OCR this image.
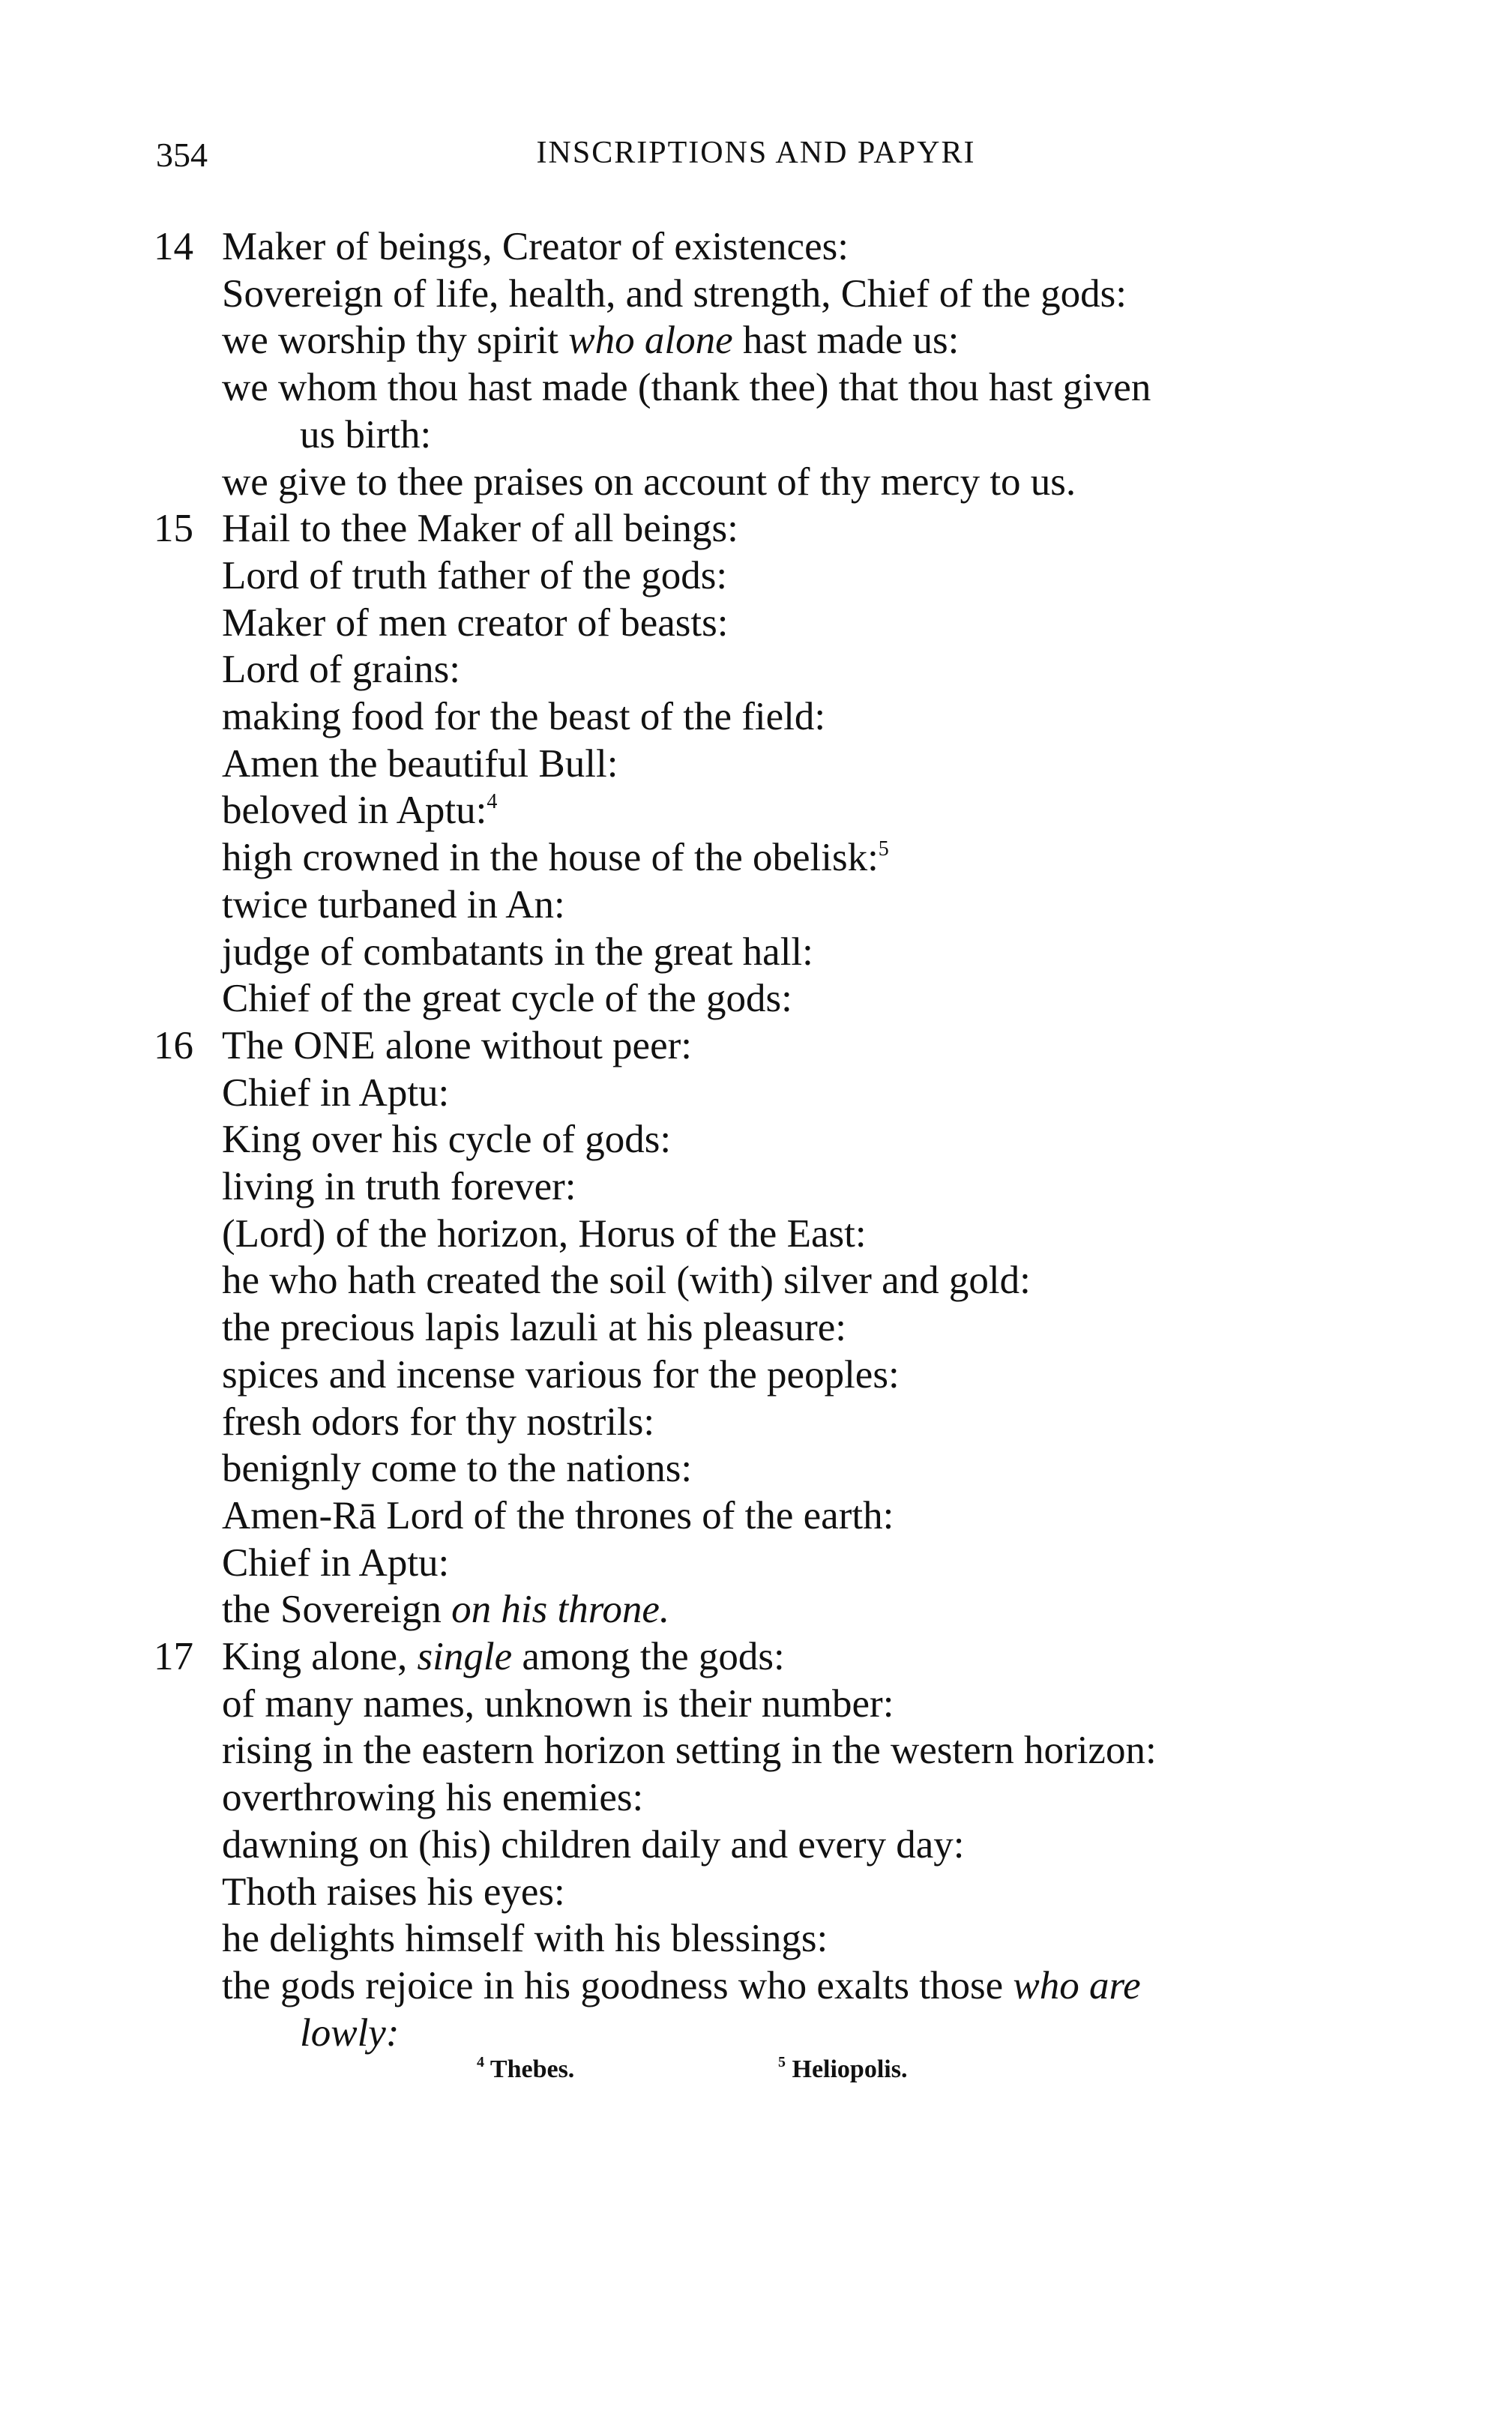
354	INSCRIPTIONS AND PAPYRI
14 Maker of beings, Creator of existences:
Sovereign of life, health, and strength, Chief of the gods:
we worship thy spirit who alone hast made us:
we whom thou hast made (thank thee) that thou hast given
us birth:
we give to thee praises on account of thy mercy to us.
15 Hail to thee Maker of all beings:
Lord of truth father of the gods:
Maker of men creator of beasts:
Lord of grains:
making food for the beast of the field:
Amen the beautiful Bull:
beloved in Aptu:$^4$
high crowned in the house of the obelisk:$^5$
twice turbaned in An:
judge of combatants in the great hall:
Chief of the great cycle of the gods:
16 The ONE alone without peer:
Chief in Aptu:
King over his cycle of gods:
living in truth forever:
(Lord) of the horizon, Horus of the East:
he who hath created the soil (with) silver and gold:
the precious lapis lazuli at his pleasure:
spices and incense various for the peoples:
fresh odors for thy nostrils:
benignly come to the nations:
Amen-Rā Lord of the thrones of the earth:
Chief in Aptu:
the Sovereign on his throne.
17 King alone, single among the gods:
of many names, unknown is their number:
rising in the eastern horizon setting in the western horizon:
overthrowing his enemies:
dawning on (his) children daily and every day:
Thoth raises his eyes:
he delights himself with his blessings:
the gods rejoice in his goodness who exalts those who are
lowly:
$^4$ Thebes.	$^5$ Heliopolis.
